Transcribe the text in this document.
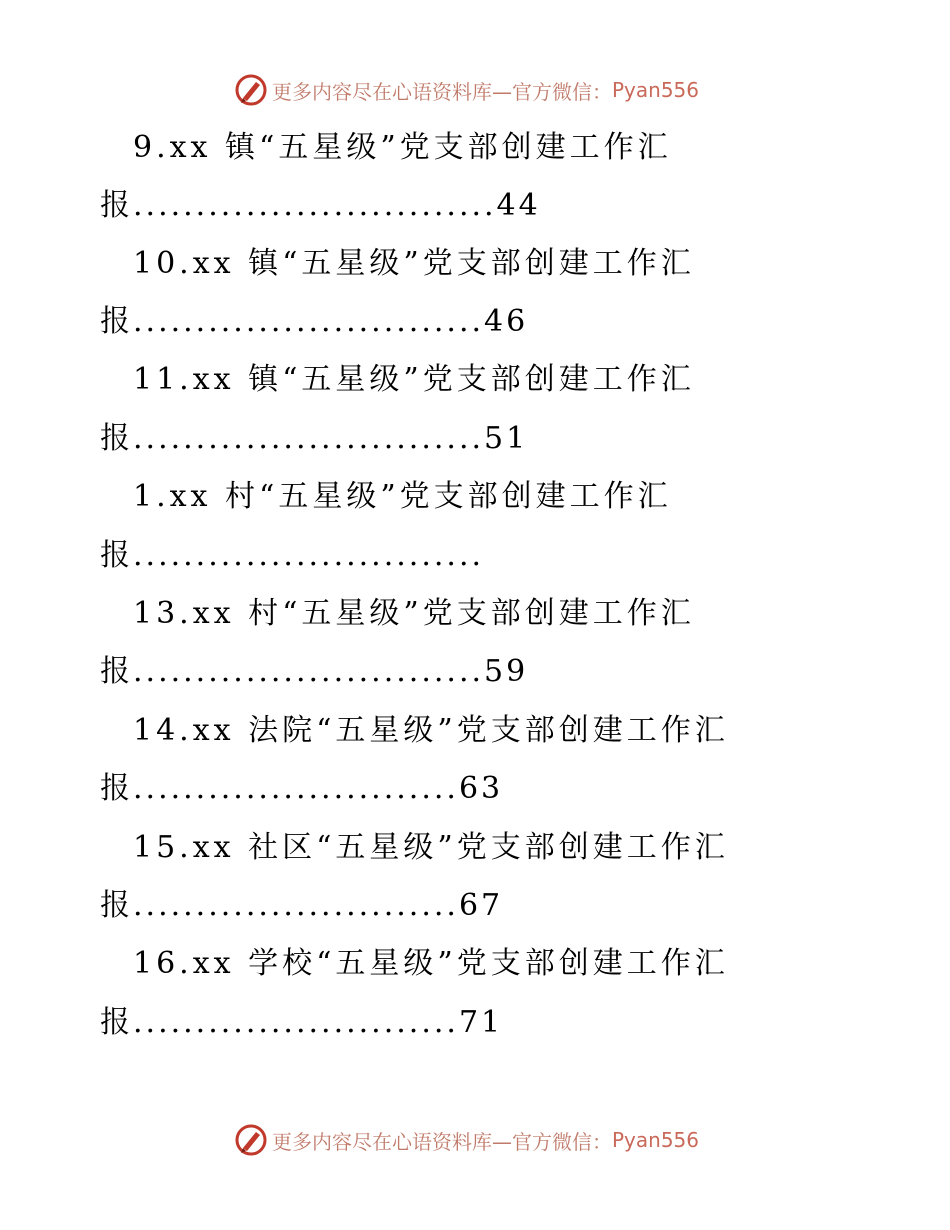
更多内容尽在心语资料库—官方微信： Pyan556
9.xx 镇“五星级”党支部创建工作汇
报.............................44
10.xx 镇“五星级”党支部创建工作汇
报............................46
11.xx 镇“五星级”党支部创建工作汇
报............................51
1.xx 村“五星级”党支部创建工作汇
报............................
13.xx 村“五星级”党支部创建工作汇
报............................59
14.xx 法院“五星级”党支部创建工作汇
报..........................63
15.xx 社区“五星级”党支部创建工作汇
报..........................67
16.xx 学校“五星级”党支部创建工作汇
报..........................71
更多内容尽在心语资料库—官方微信： Pyan556
